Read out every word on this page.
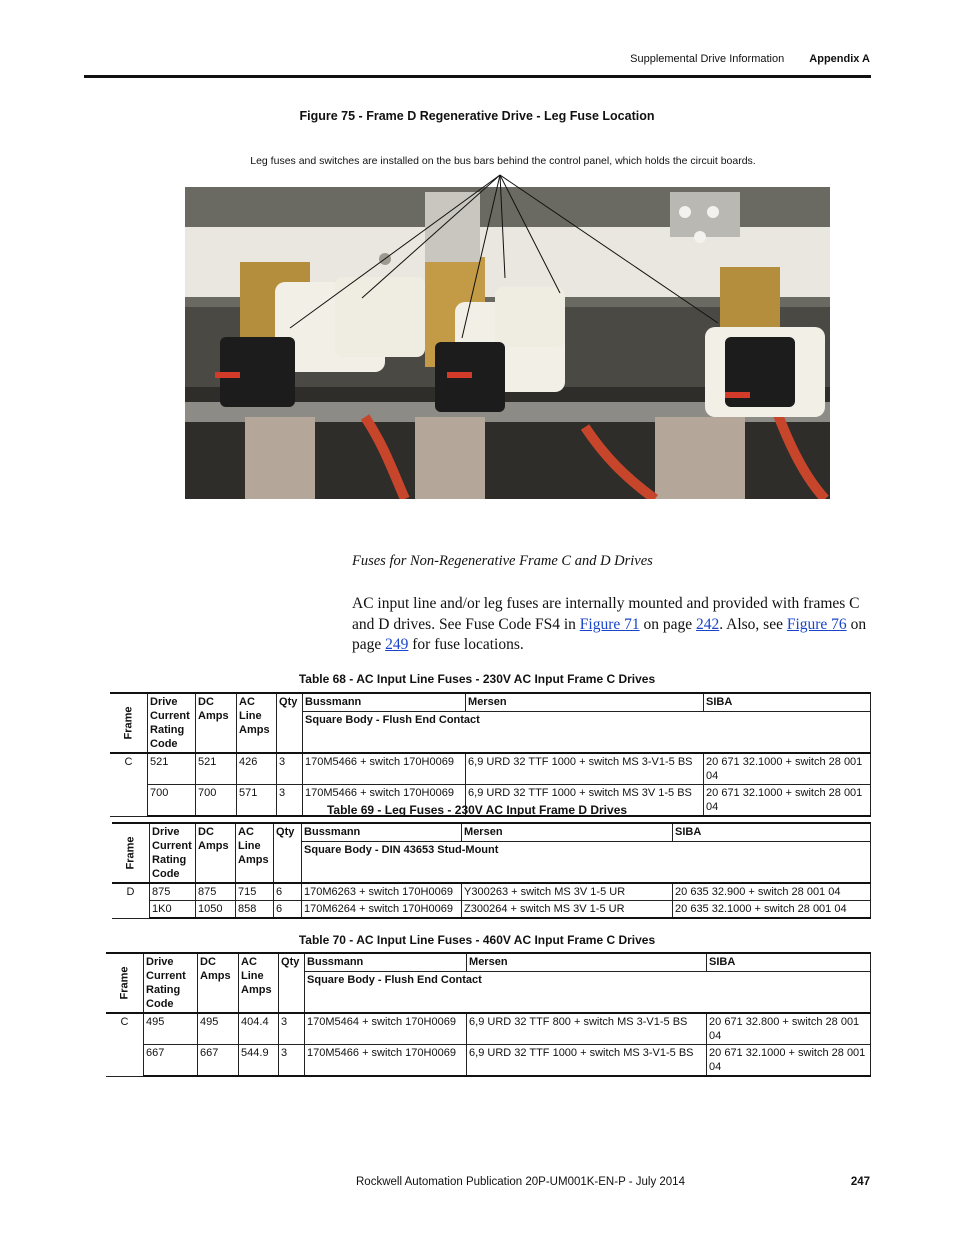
Supplemental Drive Information Appendix A
Figure 75 - Frame D Regenerative Drive - Leg Fuse Location
Leg fuses and switches are installed on the bus bars behind the control panel, which holds the circuit boards.
Fuses for Non-Regenerative Frame C and D Drives
AC input line and/or leg fuses are internally mounted and provided with frames C and D drives. See Fuse Code FS4 in Figure 71 on page 242. Also, see Figure 76 on page 249 for fuse locations.
Table 68 - AC Input Line Fuses - 230V AC Input Frame C Drives
Frame	Drive Current Rating Code	DC Amps	AC Line Amps	Qty	Bussmann	Mersen	SIBA
					Square Body - Flush End Contact		
C	521	521	426	3	170M5466 + switch 170H0069	6,9 URD 32 TTF 1000 + switch MS 3-V1-5 BS	20 671 32.1000 + switch 28 001 04
	700	700	571	3	170M5466 + switch 170H0069	6,9 URD 32 TTF 1000 + switch MS 3V 1-5 BS	20 671 32.1000 + switch 28 001 04
Table 69 - Leg Fuses - 230V AC Input Frame D Drives
Frame	Drive Current Rating Code	DC Amps	AC Line Amps	Qty	Bussmann	Mersen	SIBA
					Square Body - DIN 43653 Stud-Mount		
D	875	875	715	6	170M6263 + switch 170H0069	Y300263 + switch MS 3V 1-5 UR	20 635 32.900 + switch 28 001 04
	1K0	1050	858	6	170M6264 + switch 170H0069	Z300264 + switch MS 3V 1-5 UR	20 635 32.1000 + switch 28 001 04
Table 70 - AC Input Line Fuses - 460V AC Input Frame C Drives
Frame	Drive Current Rating Code	DC Amps	AC Line Amps	Qty	Bussmann	Mersen	SIBA
					Square Body - Flush End Contact		
C	495	495	404.4	3	170M5464 + switch 170H0069	6,9 URD 32 TTF 800 + switch MS 3-V1-5 BS	20 671 32.800 + switch 28 001 04
	667	667	544.9	3	170M5466 + switch 170H0069	6,9 URD 32 TTF 1000 + switch MS 3-V1-5 BS	20 671 32.1000 + switch 28 001 04
Rockwell Automation Publication 20P-UM001K-EN-P - July 2014	247
